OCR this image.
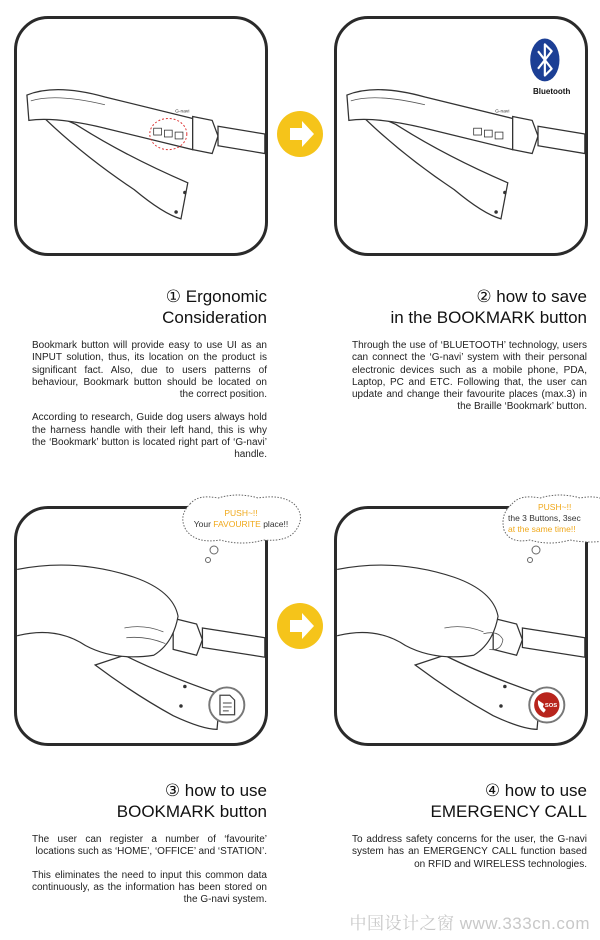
G-navi	G-navi
Bluetooth
① Ergonomic
Consideration

Bookmark button will provide easy to use UI as an INPUT solution, thus, its location on the product is significant fact. Also, due to users patterns of behaviour, Bookmark button should be located on the correct position.

According to research, Guide dog users always hold the harness handle with their left hand, this is why the ‘Bookmark’ button is located right part of ‘G-navi’ handle.

② how to save
in the BOOKMARK button

Through the use of ‘BLUETOOTH’ technology, users can connect the ‘G-navi’ system with their personal electronic devices such as a mobile phone, PDA, Laptop, PC and ETC. Following that, the user can update and change their favourite places (max.3) in the Braille ‘Bookmark’ button.

PUSH~!!
Your FAVOURITE place!!
SOS
PUSH~!!
the 3 Buttons, 3sec
at the same time!!
③ how to use
BOOKMARK button

The user can register a number of ‘favourite’ locations such as ‘HOME’, ‘OFFICE’ and ‘STATION’.

This eliminates the need to input this common data continuously, as the information has been stored on the G-navi system.

④ how to use
EMERGENCY CALL

To address safety concerns for the user, the G-navi system has an EMERGENCY CALL function based on RFID and WIRELESS technologies.

中国设计之窗 www.333cn.com
